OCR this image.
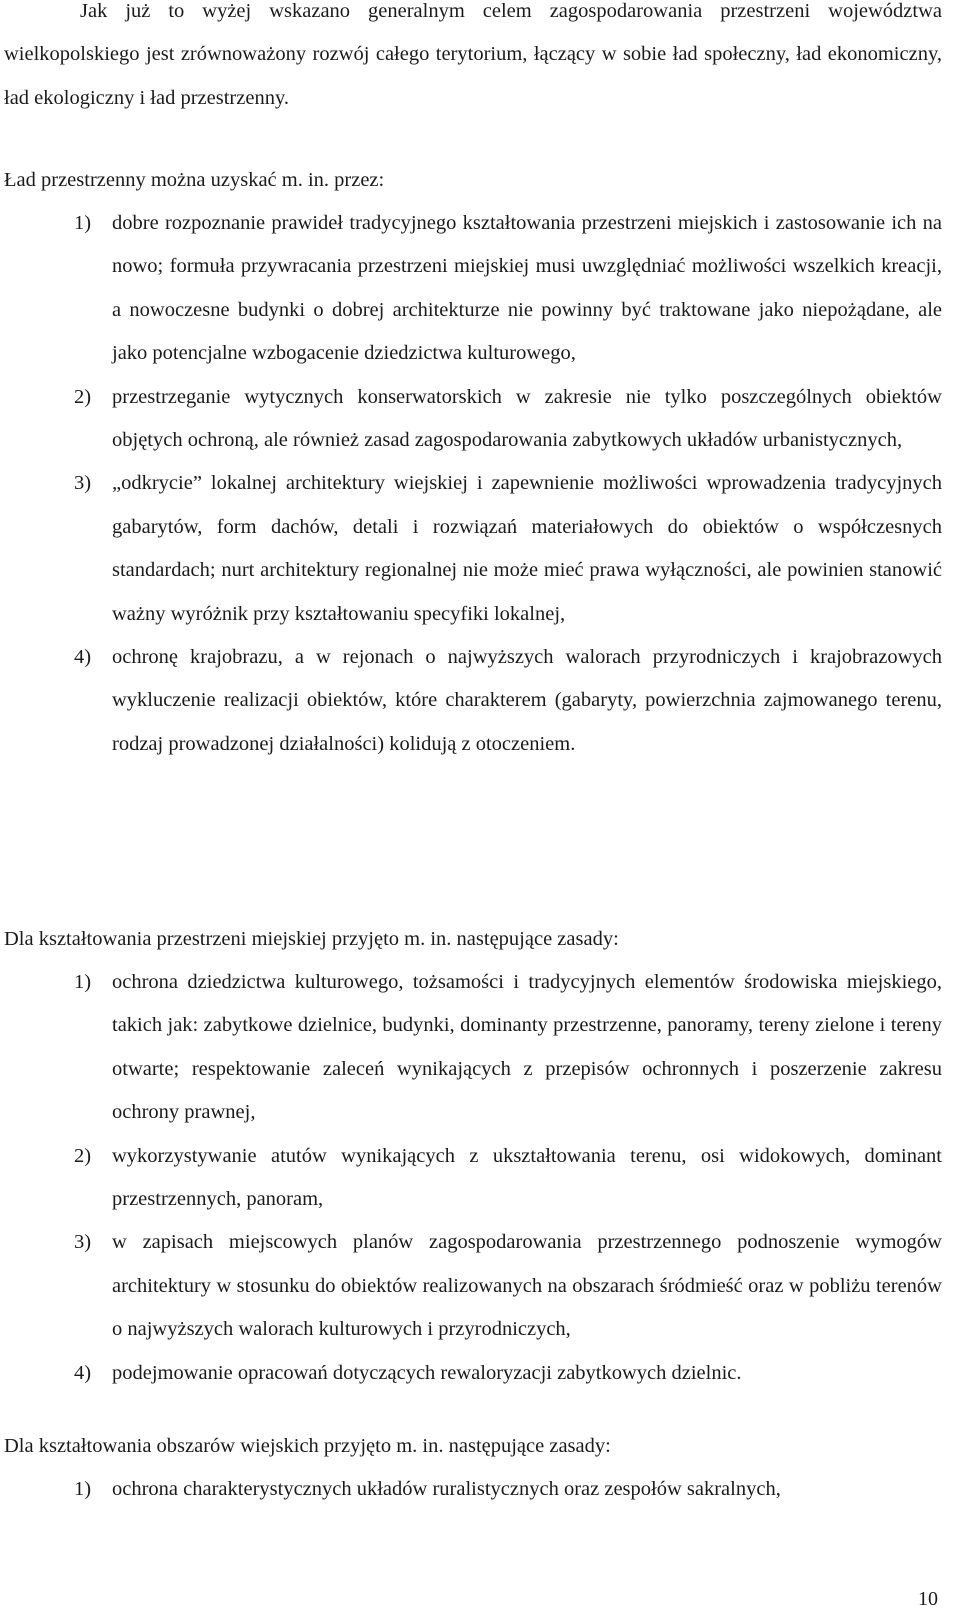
Jak już to wyżej wskazano generalnym celem zagospodarowania przestrzeni województwa wielkopolskiego jest zrównoważony rozwój całego terytorium, łączący w sobie ład społeczny, ład ekonomiczny, ład ekologiczny i ład przestrzenny.

Ład przestrzenny można uzyskać m. in. przez:

1) dobre rozpoznanie prawideł tradycyjnego kształtowania przestrzeni miejskich i zastosowanie ich na nowo; formuła przywracania przestrzeni miejskiej musi uwzględniać możliwości wszelkich kreacji, a nowoczesne budynki o dobrej architekturze nie powinny być traktowane jako niepożądane, ale jako potencjalne wzbogacenie dziedzictwa kulturowego,
2) przestrzeganie wytycznych konserwatorskich w zakresie nie tylko poszczególnych obiektów objętych ochroną, ale również zasad zagospodarowania zabytkowych układów urbanistycznych,
3) „odkrycie” lokalnej architektury wiejskiej i zapewnienie możliwości wprowadzenia tradycyjnych gabarytów, form dachów, detali i rozwiązań materiałowych do obiektów o współczesnych standardach; nurt architektury regionalnej nie może mieć prawa wyłączności, ale powinien stanowić ważny wyróżnik przy kształtowaniu specyfiki lokalnej,
4) ochronę krajobrazu, a w rejonach o najwyższych walorach przyrodniczych i krajobrazowych wykluczenie realizacji obiektów, które charakterem (gabaryty, powierzchnia zajmowanego terenu, rodzaj prowadzonej działalności) kolidują z otoczeniem.

Dla kształtowania przestrzeni miejskiej przyjęto m. in. następujące zasady:

1) ochrona dziedzictwa kulturowego, tożsamości i tradycyjnych elementów środowiska miejskiego, takich jak: zabytkowe dzielnice, budynki, dominanty przestrzenne, panoramy, tereny zielone i tereny otwarte; respektowanie zaleceń wynikających z przepisów ochronnych i poszerzenie zakresu ochrony prawnej,
2) wykorzystywanie atutów wynikających z ukształtowania terenu, osi widokowych, dominant przestrzennych, panoram,
3) w zapisach miejscowych planów zagospodarowania przestrzennego podnoszenie wymogów architektury w stosunku do obiektów realizowanych na obszarach śródmieść oraz w pobliżu terenów o najwyższych walorach kulturowych i przyrodniczych,
4) podejmowanie opracowań dotyczących rewaloryzacji zabytkowych dzielnic.

Dla kształtowania obszarów wiejskich przyjęto m. in. następujące zasady:

1) ochrona charakterystycznych układów ruralistycznych oraz zespołów sakralnych,
10
